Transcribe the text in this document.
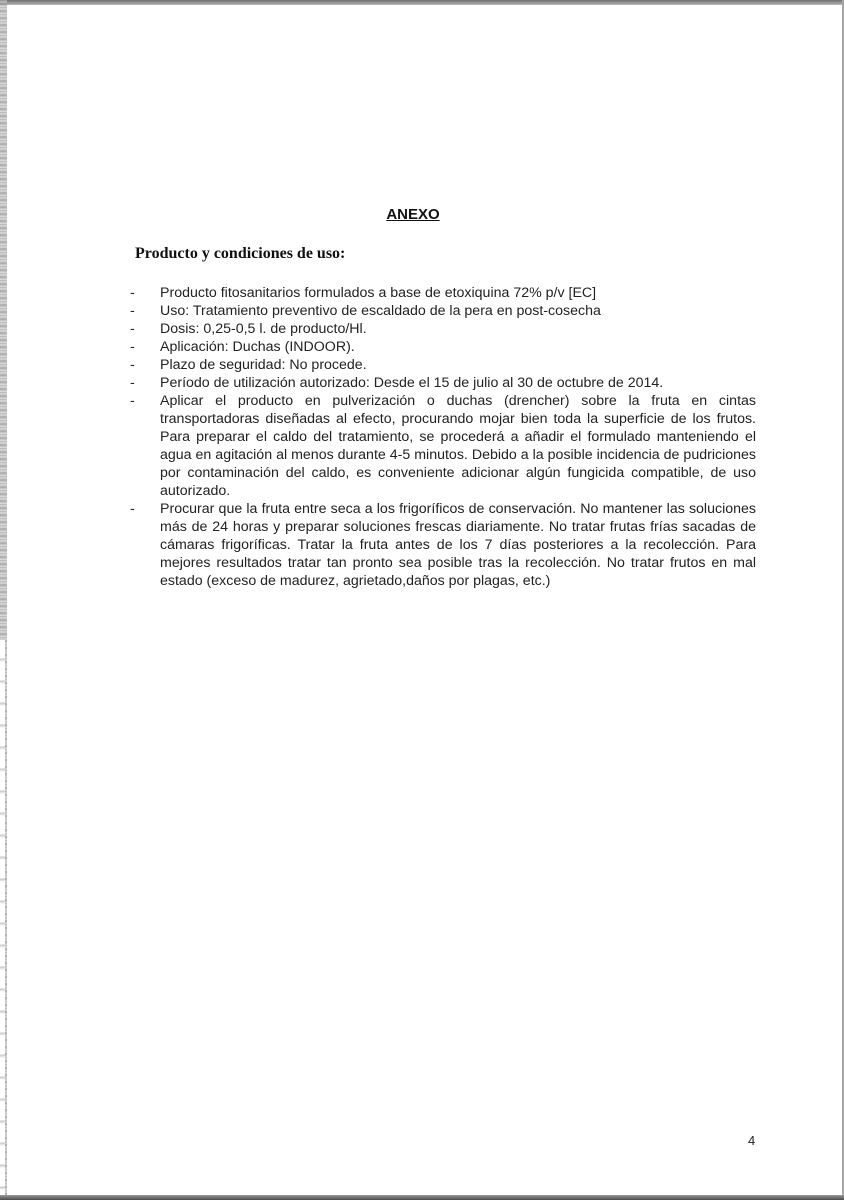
ANEXO
Producto y condiciones de uso:
- Producto fitosanitarios formulados a base de etoxiquina 72% p/v [EC]
- Uso: Tratamiento preventivo de escaldado de la pera en post-cosecha
- Dosis: 0,25-0,5 l. de producto/Hl.
- Aplicación: Duchas (INDOOR).
- Plazo de seguridad: No procede.
- Período de utilización autorizado: Desde el 15 de julio al 30 de octubre de 2014.
- Aplicar el producto en pulverización o duchas (drencher) sobre la fruta en cintas transportadoras diseñadas al efecto, procurando mojar bien toda la superficie de los frutos. Para preparar el caldo del tratamiento, se procederá a añadir el formulado manteniendo el agua en agitación al menos durante 4-5 minutos. Debido a la posible incidencia de pudriciones por contaminación del caldo, es conveniente adicionar algún fungicida compatible, de uso autorizado.
- Procurar que la fruta entre seca a los frigoríficos de conservación. No mantener las soluciones más de 24 horas y preparar soluciones frescas diariamente. No tratar frutas frías sacadas de cámaras frigoríficas. Tratar la fruta antes de los 7 días posteriores a la recolección. Para mejores resultados tratar tan pronto sea posible tras la recolección. No tratar frutos en mal estado (exceso de madurez, agrietado,daños por plagas, etc.)
4
